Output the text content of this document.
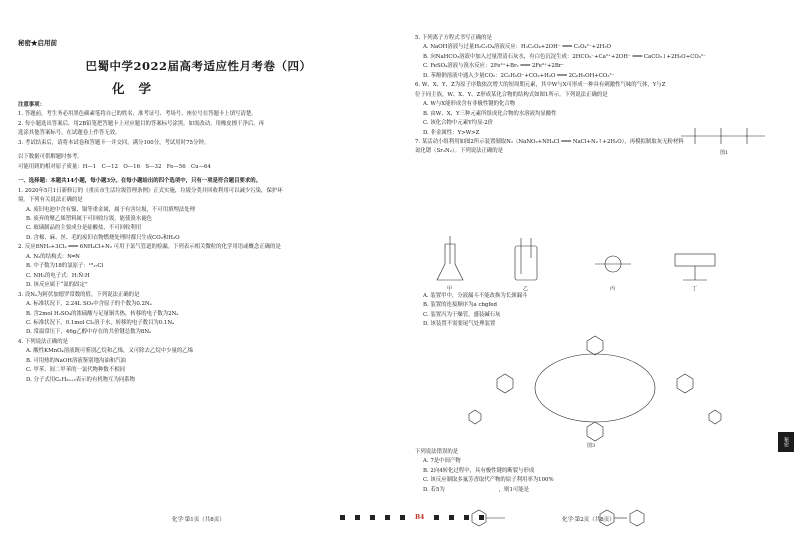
秘密★启用前
巴蜀中学2022届高考适应性月考卷（四）
化学
注意事项：
1. 答题前，考生务必用黑色碳素笔将自己的姓名、准考证号、考场号、座位号在答题卡上填写清楚。
2. 每小题选出答案后，用2B铅笔把答题卡上对应题目的答案标号涂黑。如需改动，用橡皮擦干净后，再
选涂其他答案标号。在试题卷上作答无效。
3. 考试结束后，请将本试卷和答题卡一并交回。满分100分，考试用时75分钟。
以下数据可供解题时参考。
可能用到的相对原子质量：H—1　C—12　O—16　S—32　Fe—56　Cu—64
一、选择题：本题共14小题，每小题3分。在每小题给出的四个选项中，只有一项是符合题目要求的。
1. 2020年5月1日新修订的《重庆市生活垃圾管理条例》正式实施，垃圾分类并回收利用可以减少污染，保护环
境。下列有关说法正确的是
A. 废旧电池中含有镍、镉等重金属，属于有害垃圾，不可用填埋法处理
B. 废弃的聚乙烯塑料属于可回收垃圾，能使溴水褪色
C. 玻璃制品的主要成分是硅酸盐，不可回收利用
D. 含棉、麻、丝、毛的废旧衣物燃烧处理时都只生成CO₂和H₂O
2. 反应8NH₃+3Cl₂ ═══ 6NH₄Cl+N₂ 可用于氯气管道的检漏。下列表示相关微粒的化学用语或概念正确的是
A. N₂的结构式：N═N
B. 中子数为18的氯原子：¹⁸₁₇Cl
C. NH₃的电子式：H:N̈:H
D. 该反应属于“氮的固定”
3. 设Nₐ为阿伏加德罗常数的值。下列说法正确的是
A. 标准状况下，2.24L SO₃中含原子的个数为0.2Nₐ
B. 含2mol H₂SO₄的浓硫酸与足量铜共热，转移的电子数为2Nₐ
C. 标准状况下，0.1mol Cl₂溶于水，转移的电子数目为0.1Nₐ
D. 常温常压下，46g乙醇中存在的共价键总数为8Nₐ
4. 下列说法正确的是
A. 酸性KMnO₄溶液既可鉴别乙烷和乙烯，又可除去乙烷中少量的乙烯
B. 可用热的NaOH溶液鉴别地沟油和汽油
C. 甲苯、间二甲苯的一氯代物种数不相同
D. 分子式用CₙH₂ₙ₊₂表示的有机物互为同系物
5. 下列离子方程式书写正确的是
A. NaOH溶液与过量H₂C₂O₄溶液反应：H₂C₂O₄+2OH⁻ ═══ C₂O₄²⁻+2H₂O
B. 向NaHCO₃溶液中加入过量澄清石灰水，有白色沉淀生成：2HCO₃⁻+Ca²⁺+2OH⁻ ═══ CaCO₃↓+2H₂O+CO₃²⁻
C. FeSO₄溶液与溴水反应：2Fe²⁺+Br₂ ═══ 2Fe³⁺+2Br⁻
D. 苯酚钠溶液中通入少量CO₂：2C₆H₅O⁻+CO₂+H₂O ═══ 2C₆H₅OH+CO₃²⁻
6. W、X、Y、Z为原子序数依次增大的短周期元素，其中W与X可形成一种具有刺激性气味的气体，Y与Z
位于同主族，W、X、Y、Z形成某化合物的结构式如图1所示。下列说法正确的是
A. W与X能形成含有非极性键的化合物
B. 由W、X、Y三种元素所组成化合物的水溶液均显酸性
C. 该化合物中元素Y均显-2价
D. 非金属性：Y>W>Z
7. 某活动小组利用如图2所示装置制取N₂（NaNO₂+NH₄Cl ═══ NaCl+N₂↑+2H₂O），再模拟制取灰无粉材料
氮化锶（Sr₃N₂）。下列说法正确的是	图1
甲	乙	丙	丁
A. 装置甲中，分液漏斗不能改换为长颈漏斗
B. 装置的连接顺序为a cbgfed
C. 装置丙为干燥管，盛装碱石灰
D. 该装置不需要尾气处理装置
图3
下列说法错误的是
A. 7是中间产物
B. 2向4转化过程中，具有极性键的断裂与形成
C. 该反应制取多氟芳香取代产物的原子利用率为100%
D. 若5为　　　　　　　　　　，则1可能是
化学·第1页（共8页）	化学·第2页（共8页）
B4
秘密
